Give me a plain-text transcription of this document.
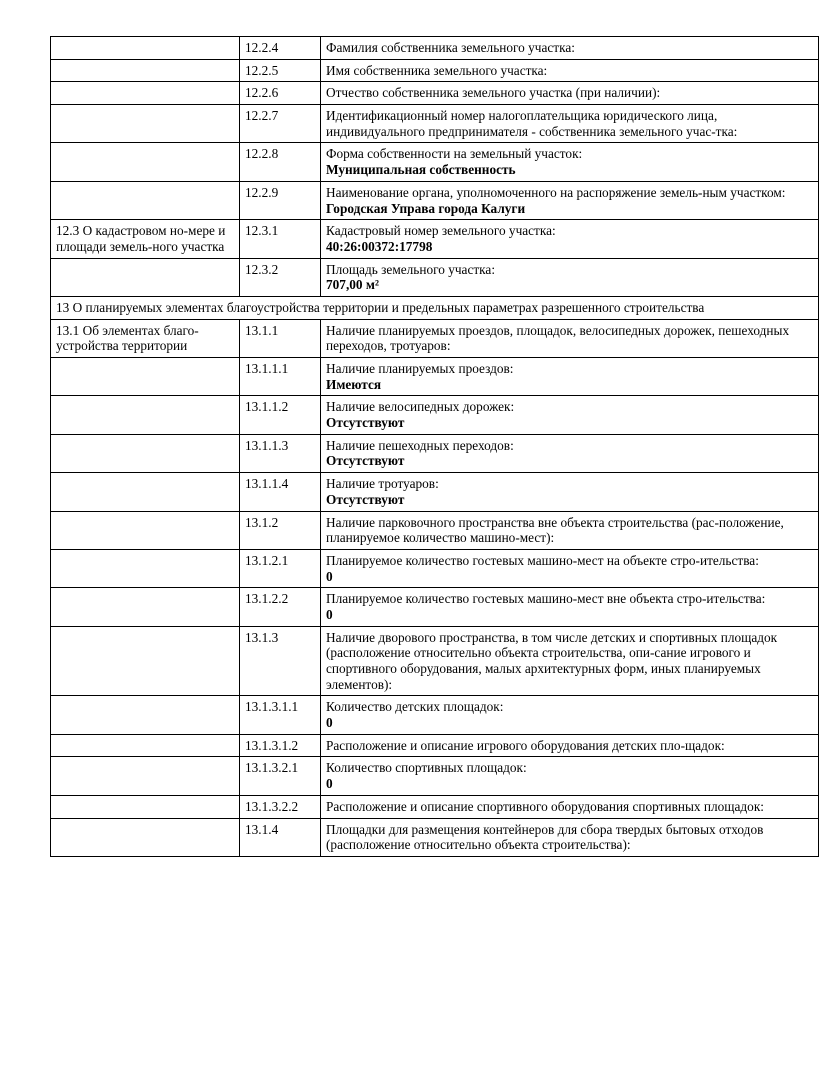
	12.2.4	Фамилия собственника земельного участка:

	12.2.5	Имя собственника земельного участка:

	12.2.6	Отчество собственника земельного участка (при наличии):

	12.2.7	Идентификационный номер налогоплательщика юридического лица, индивидуального предпринимателя - собственника земельного учас-тка:

	12.2.8	Форма собственности на земельный участок:
Муниципальная собственность

	12.2.9	Наименование органа, уполномоченного на распоряжение земель-ным участком:
Городская Управа города Калуги

12.3 О кадастровом но-мере и площади земель-ного участка	12.3.1	Кадастровый номер земельного участка:
40:26:00372:17798

	12.3.2	Площадь земельного участка:
707,00 м²

13 О планируемых элементах благоустройства территории и предельных параметрах разрешенного строительства		
13.1 Об элементах благо-устройства территории	13.1.1	Наличие планируемых проездов, площадок, велосипедных дорожек, пешеходных переходов, тротуаров:

	13.1.1.1	Наличие планируемых проездов:
Имеются

	13.1.1.2	Наличие велосипедных дорожек:
Отсутствуют

	13.1.1.3	Наличие пешеходных переходов:
Отсутствуют

	13.1.1.4	Наличие тротуаров:
Отсутствуют

	13.1.2	Наличие парковочного пространства вне объекта строительства (рас-положение, планируемое количество машино-мест):

	13.1.2.1	Планируемое количество гостевых машино-мест на объекте стро-ительства:
0

	13.1.2.2	Планируемое количество гостевых машино-мест вне объекта стро-ительства:
0

	13.1.3	Наличие дворового пространства, в том числе детских и спортивных площадок (расположение относительно объекта строительства, опи-сание игрового и спортивного оборудования, малых архитектурных форм, иных планируемых элементов):

	13.1.3.1.1	Количество детских площадок:
0

	13.1.3.1.2	Расположение и описание игрового оборудования детских пло-щадок:

	13.1.3.2.1	Количество спортивных площадок:
0

	13.1.3.2.2	Расположение и описание спортивного оборудования спортивных площадок:

	13.1.4	Площадки для размещения контейнеров для сбора твердых бытовых отходов (расположение относительно объекта строительства):
